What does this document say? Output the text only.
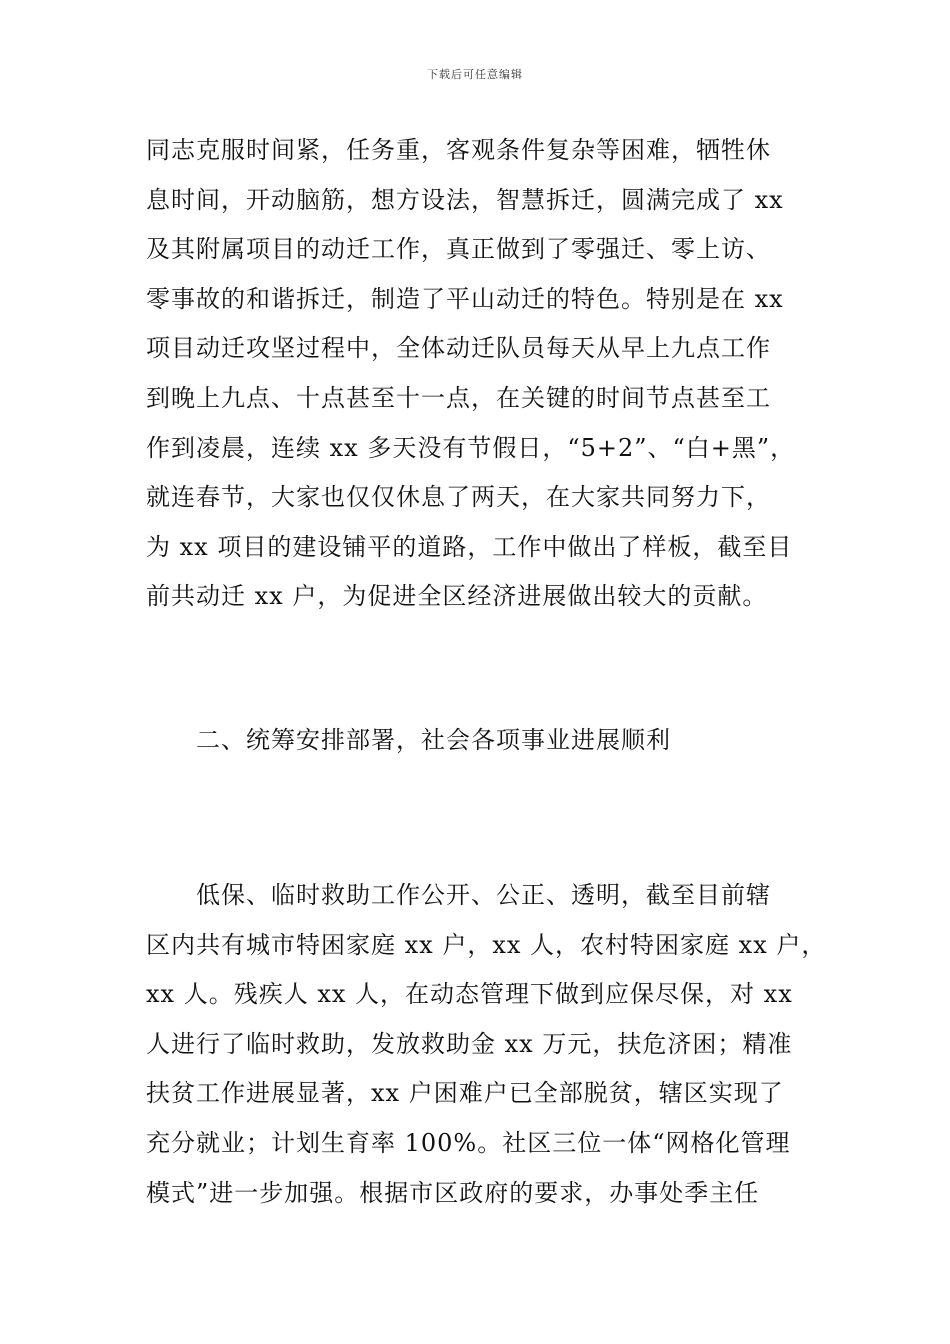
下载后可任意编辑
同志克服时间紧，任务重，客观条件复杂等困难，牺牲休
息时间，开动脑筋，想方设法，智慧拆迁，圆满完成了 xx
及其附属项目的动迁工作，真正做到了零强迁、零上访、
零事故的和谐拆迁，制造了平山动迁的特色。特别是在 xx
项目动迁攻坚过程中，全体动迁队员每天从早上九点工作
到晚上九点、十点甚至十一点，在关键的时间节点甚至工
作到凌晨，连续 xx 多天没有节假日，“5+2”、“白+黑”，
就连春节，大家也仅仅休息了两天，在大家共同努力下，
为 xx 项目的建设铺平的道路，工作中做出了样板，截至目
前共动迁 xx 户，为促进全区经济进展做出较大的贡献。
二、统筹安排部署，社会各项事业进展顺利
　　低保、临时救助工作公开、公正、透明，截至目前辖
区内共有城市特困家庭 xx 户，xx 人，农村特困家庭 xx 户，
xx 人。残疾人 xx 人，在动态管理下做到应保尽保，对 xx
人进行了临时救助，发放救助金 xx 万元，扶危济困；精准
扶贫工作进展显著，xx 户困难户已全部脱贫，辖区实现了
充分就业；计划生育率 100%。社区三位一体“网格化管理
模式”进一步加强。根据市区政府的要求，办事处季主任
